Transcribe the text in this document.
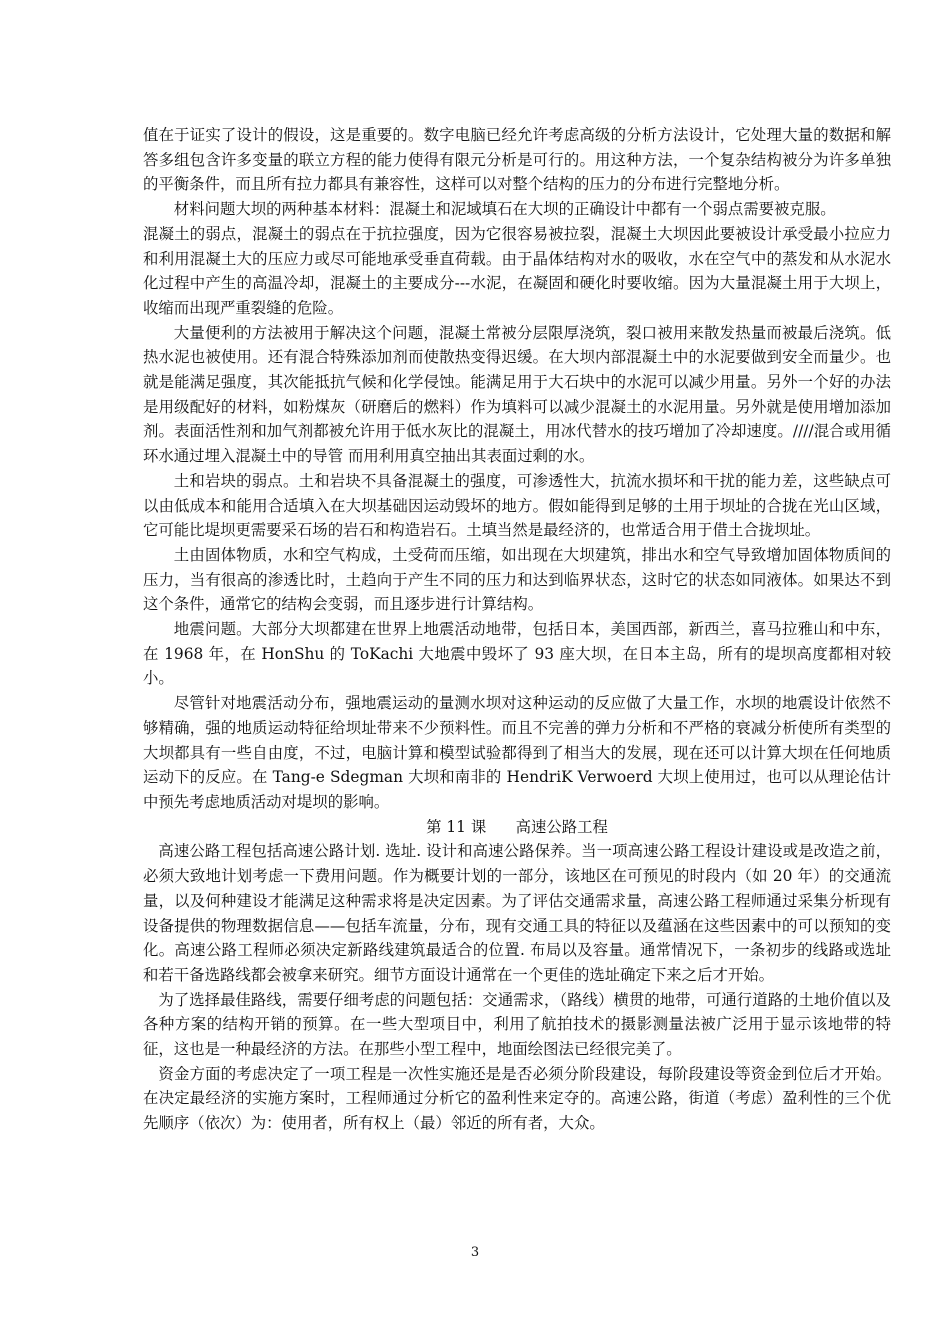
值在于证实了设计的假设，这是重要的。数字电脑已经允许考虑高级的分析方法设计，它处理大量的数据和解答多组包含许多变量的联立方程的能力使得有限元分析是可行的。用这种方法，一个复杂结构被分为许多单独的平衡条件，而且所有拉力都具有兼容性，这样可以对整个结构的压力的分布进行完整地分析。

材料问题大坝的两种基本材料：混凝土和泥域填石在大坝的正确设计中都有一个弱点需要被克服。

混凝土的弱点，混凝土的弱点在于抗拉强度，因为它很容易被拉裂，混凝土大坝因此要被设计承受最小拉应力和利用混凝土大的压应力或尽可能地承受垂直荷载。由于晶体结构对水的吸收，水在空气中的蒸发和从水泥水化过程中产生的高温冷却，混凝土的主要成分---水泥，在凝固和硬化时要收缩。因为大量混凝土用于大坝上，收缩而出现严重裂缝的危险。

大量便利的方法被用于解决这个问题，混凝土常被分层限厚浇筑，裂口被用来散发热量而被最后浇筑。低热水泥也被使用。还有混合特殊添加剂而使散热变得迟缓。在大坝内部混凝土中的水泥要做到安全而量少。也就是能满足强度，其次能抵抗气候和化学侵蚀。能满足用于大石块中的水泥可以减少用量。另外一个好的办法是用级配好的材料，如粉煤灰（研磨后的燃料）作为填料可以减少混凝土的水泥用量。另外就是使用增加添加剂。表面活性剂和加气剂都被允许用于低水灰比的混凝土，用冰代替水的技巧增加了冷却速度。////混合或用循环水通过埋入混凝土中的导管 而用利用真空抽出其表面过剩的水。

土和岩块的弱点。土和岩块不具备混凝土的强度，可渗透性大，抗流水损坏和干扰的能力差，这些缺点可以由低成本和能用合适填入在大坝基础因运动毁坏的地方。假如能得到足够的土用于坝址的合拢在光山区域，它可能比堤坝更需要采石场的岩石和构造岩石。土填当然是最经济的，也常适合用于借土合拢坝址。

土由固体物质，水和空气构成，土受荷而压缩，如出现在大坝建筑，排出水和空气导致增加固体物质间的压力，当有很高的渗透比时，土趋向于产生不同的压力和达到临界状态，这时它的状态如同液体。如果达不到这个条件，通常它的结构会变弱，而且逐步进行计算结构。

地震问题。大部分大坝都建在世界上地震活动地带，包括日本，美国西部，新西兰，喜马拉雅山和中东，在 1968 年，在 HonShu 的 ToKachi 大地震中毁坏了 93 座大坝，在日本主岛，所有的堤坝高度都相对较小。

尽管针对地震活动分布，强地震运动的量测水坝对这种运动的反应做了大量工作，水坝的地震设计依然不够精确，强的地质运动特征给坝址带来不少预料性。而且不完善的弹力分析和不严格的衰减分析使所有类型的大坝都具有一些自由度，不过，电脑计算和模型试验都得到了相当大的发展，现在还可以计算大坝在任何地质运动下的反应。在 Tang-e Sdegman 大坝和南非的 HendriK Verwoerd 大坝上使用过，也可以从理论估计中预先考虑地质活动对堤坝的影响。

第 11 课      高速公路工程

高速公路工程包括高速公路计划. 选址. 设计和高速公路保养。当一项高速公路工程设计建设或是改造之前，必须大致地计划考虑一下费用问题。作为概要计划的一部分，该地区在可预见的时段内（如 20 年）的交通流量，以及何种建设才能满足这种需求将是决定因素。为了评估交通需求量，高速公路工程师通过采集分析现有设备提供的物理数据信息——包括车流量，分布，现有交通工具的特征以及蕴涵在这些因素中的可以预知的变化。高速公路工程师必须决定新路线建筑最适合的位置. 布局以及容量。通常情况下，一条初步的线路或选址和若干备选路线都会被拿来研究。细节方面设计通常在一个更佳的选址确定下来之后才开始。

为了选择最佳路线，需要仔细考虑的问题包括：交通需求，（路线）横贯的地带，可通行道路的土地价值以及各种方案的结构开销的预算。在一些大型项目中，利用了航拍技术的摄影测量法被广泛用于显示该地带的特征，这也是一种最经济的方法。在那些小型工程中，地面绘图法已经很完美了。

资金方面的考虑决定了一项工程是一次性实施还是是否必须分阶段建设，每阶段建设等资金到位后才开始。在决定最经济的实施方案时，工程师通过分析它的盈利性来定夺的。高速公路，街道（考虑）盈利性的三个优先顺序（依次）为：使用者，所有权上（最）邻近的所有者，大众。

3
